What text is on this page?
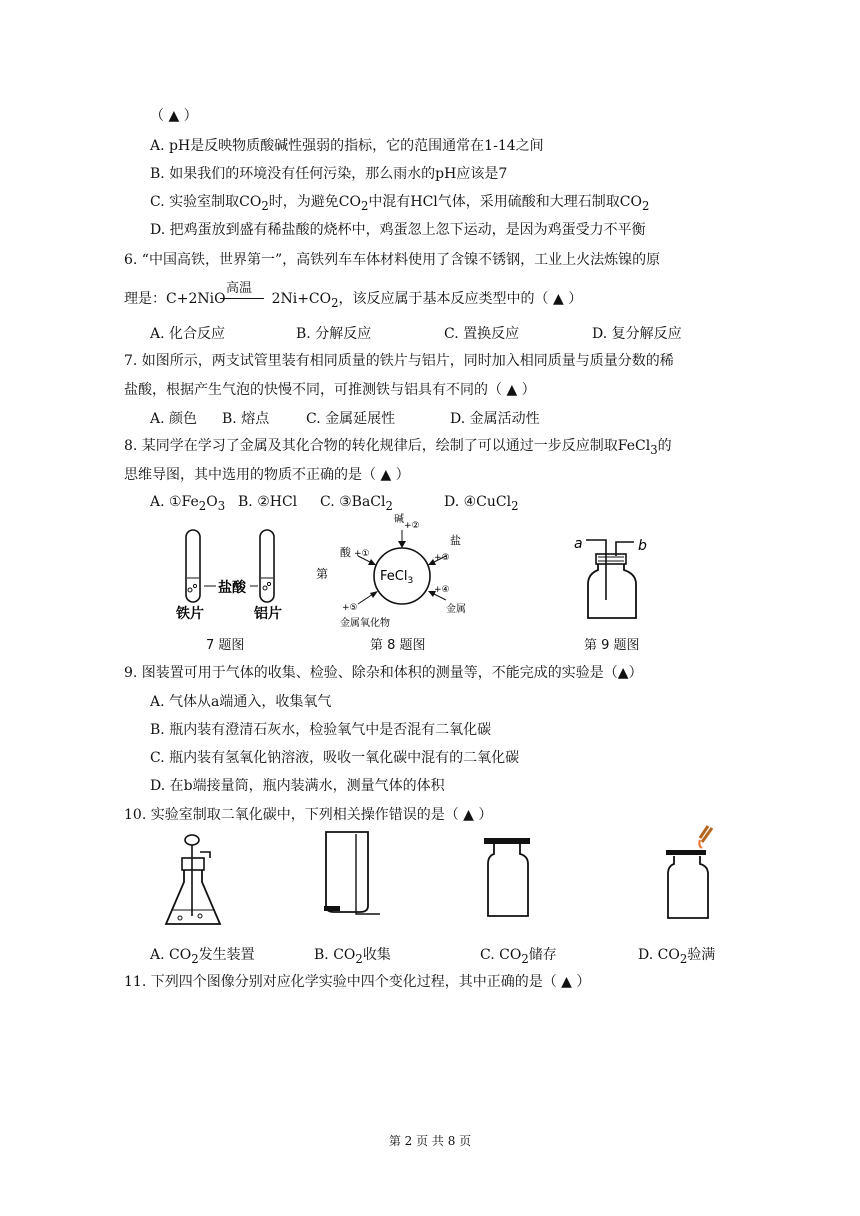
（ ▲ ）
A. pH是反映物质酸碱性强弱的指标，它的范围通常在1-14之间
B. 如果我们的环境没有任何污染，那么雨水的pH应该是7
C. 实验室制取$CO_2$时，为避免$CO_2$中混有HCl气体，采用硫酸和大理石制取$CO_2$
D. 把鸡蛋放到盛有稀盐酸的烧杯中，鸡蛋忽上忽下运动，是因为鸡蛋受力不平衡
6. “中国高铁，世界第一”，高铁列车车体材料使用了含镍不锈钢，工业上火法炼镍的原
高温
理是：C+2NiO	$2Ni+CO_2$，该反应属于基本反应类型中的（ ▲ ）
A. 化合反应	B. 分解反应	C. 置换反应	D. 复分解反应
7. 如图所示，两支试管里装有相同质量的铁片与铝片，同时加入相同质量与质量分数的稀
盐酸，根据产生气泡的快慢不同，可推测铁与铝具有不同的（ ▲ ）
A. 颜色 B. 熔点	C. 金属延展性	D. 金属活动性
8. 某同学在学习了金属及其化合物的转化规律后，绘制了可以通过一步反应制取FeCl$_3$的
思维导图，其中选用的物质不正确的是（ ▲ ）
A. $①Fe_2O_3$ B. ②HCl C. ③BaCl$_2$	D. ④CuCl$_2$
盐酸
铁片	铝片
7 题图
FeCl$_3$
碱
+②
酸 +①
盐
+③
+④
金属
+⑤
金属氧化物
第
第 8 题图
a	b
第 9 题图
9. 图装置可用于气体的收集、检验、除杂和体积的测量等，不能完成的实验是（▲）
A. 气体从a端通入，收集氧气
B. 瓶内装有澄清石灰水，检验氧气中是否混有二氧化碳
C. 瓶内装有氢氧化钠溶液，吸收一氧化碳中混有的二氧化碳
D. 在b端接量筒，瓶内装满水，测量气体的体积
10. 实验室制取二氧化碳中，下列相关操作错误的是（ ▲ ）
A. $CO_2$发生装置	B. $CO_2$收集	C. $CO_2$储存	D. $CO_2$验满
11. 下列四个图像分别对应化学实验中四个变化过程，其中正确的是（ ▲ ）
第 2 页 共 8 页
